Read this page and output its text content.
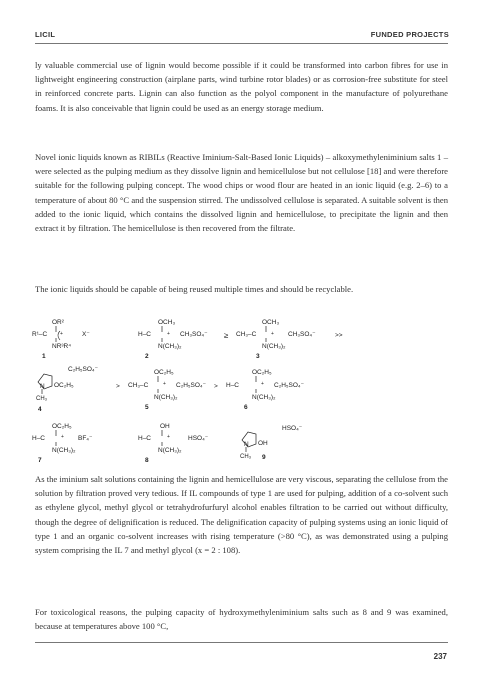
LICIL	FUNDED PROJECTS

ly valuable commercial use of lignin would become possible if it could be transformed into carbon fibres for use in lightweight engineering construction (airplane parts, wind turbine rotor blades) or as corrosion-free substitute for steel in reinforced concrete parts. Lignin can also function as the polyol component in the manufacture of polyurethane foams. It is also conceivable that lignin could be used as an energy storage medium.

Novel ionic liquids known as RIBILs (Reactive Iminium-Salt-Based Ionic Liquids) – alkoxymethyleniminium salts 1 – were selected as the pulping medium as they dissolve lignin and hemicellulose but not cellulose [18] and were therefore suitable for the following pulping concept. The wood chips or wood flour are heated in an ionic liquid (e.g. 2–6) to a temperature of about 80 °C and the suspension stirred. The undissolved cellulose is separated. A suitable solvent is then added to the ionic liquid, which contains the dissolved lignin and hemicellulose, to precipitate the lignin and then extract it by filtration. The hemicellulose is then recovered from the filtrate.

The ionic liquids should be capable of being reused multiple times and should be recyclable.

OR²
R¹–C	+	X⁻
NR³R⁴
1
OCH₃
H–C	+ CH₃SO₄⁻
N(CH₃)₂
2
≥
OCH₃
CH₃–C	+ CH₃SO₄⁻
N(CH₃)₂
3
>>
C₂H₅SO₄⁻
N OC₂H₅
CH₃
4
>
OC₂H₅
CH₃–C	+ C₂H₅SO₄⁻
N(CH₃)₂
5
>
OC₂H₅
H–C	+ C₂H₅SO₄⁻
N(CH₃)₂
6
OC₂H₅
H–C	+ BF₄⁻
N(CH₃)₂
7
OH
H–C	+	HSO₄⁻
N(CH₃)₂
8
N OH
HSO₄⁻
CH₃ 9

As the iminium salt solutions containing the lignin and hemicellulose are very viscous, separating the cellulose from the solution by filtration proved very tedious. If IL compounds of type 1 are used for pulping, addition of a co-solvent such as ethylene glycol, methyl glycol or tetrahydrofurfuryl alcohol enables filtration to be carried out without difficulty, though the degree of delignification is reduced. The delignification capacity of pulping systems using an ionic liquid of type 1 and an organic co-solvent increases with rising temperature (>80 °C), as was demonstrated using a pulping system comprising the IL 7 and methyl glycol (x = 2 : 108).

For toxicological reasons, the pulping capacity of hydroxymethyleniminium salts such as 8 and 9 was examined, because at temperatures above 100 °C,

237
